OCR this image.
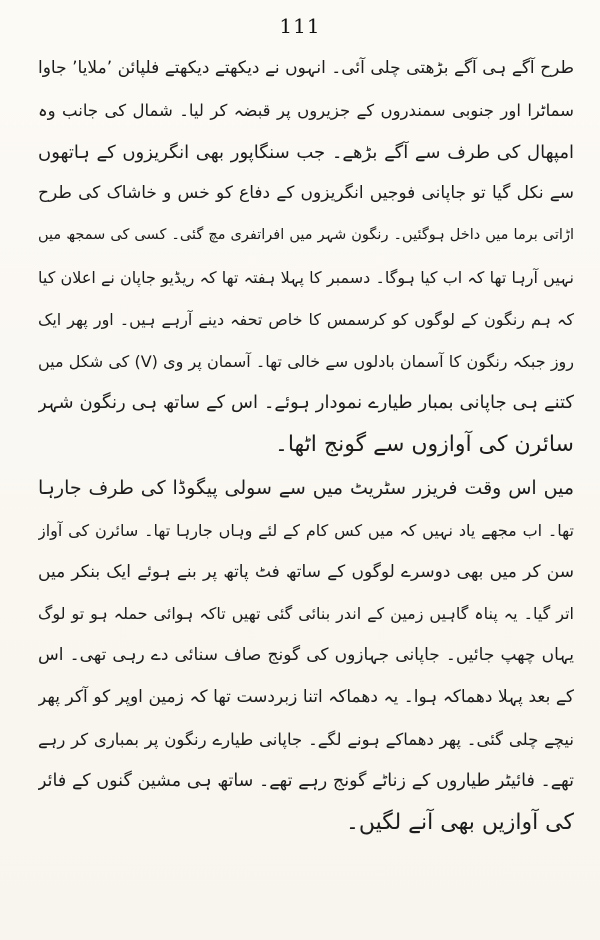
111
طرح آگے ہی آگے بڑھتی چلی آئی۔ انہوں نے دیکھتے دیکھتے فلپائن ٬ملایا٬ جاوا
سماٹرا اور جنوبی سمندروں کے جزیروں پر قبضہ کر لیا۔ شمال کی جانب وہ
امپھال کی طرف سے آگے بڑھے۔ جب سنگاپور بھی انگریزوں کے ہاتھوں
سے نکل گیا تو جاپانی فوجیں انگریزوں کے دفاع کو خس و خاشاک کی طرح
اڑاتی برما میں داخل ہوگئیں۔ رنگون شہر میں افراتفری مچ گئی۔ کسی کی سمجھ میں
نہیں آرہا تھا کہ اب کیا ہوگا۔ دسمبر کا پہلا ہفتہ تھا کہ ریڈیو جاپان نے اعلان کیا
کہ ہم رنگون کے لوگوں کو کرسمس کا خاص تحفہ دینے آرہے ہیں۔ اور پھر ایک
روز جبکہ رنگون کا آسمان بادلوں سے خالی تھا۔ آسمان پر وی (V) کی شکل میں
کتنے ہی جاپانی بمبار طیارے نمودار ہوئے۔ اس کے ساتھ ہی رنگون شہر
سائرن کی آوازوں سے گونج اٹھا۔
میں اس وقت فریزر سٹریٹ میں سے سولی پیگوڈا کی طرف جارہا
تھا۔ اب مجھے یاد نہیں کہ میں کس کام کے لئے وہاں جارہا تھا۔ سائرن کی آواز
سن کر میں بھی دوسرے لوگوں کے ساتھ فٹ پاتھ پر بنے ہوئے ایک بنکر میں
اتر گیا۔ یہ پناہ گاہیں زمین کے اندر بنائی گئی تھیں تاکہ ہوائی حملہ ہو تو لوگ
یہاں چھپ جائیں۔ جاپانی جہازوں کی گونج صاف سنائی دے رہی تھی۔ اس
کے بعد پہلا دھماکہ ہوا۔ یہ دھماکہ اتنا زبردست تھا کہ زمین اوپر کو آکر پھر
نیچے چلی گئی۔ پھر دھماکے ہونے لگے۔ جاپانی طیارے رنگون پر بمباری کر رہے
تھے۔ فائیٹر طیاروں کے زناٹے گونج رہے تھے۔ ساتھ ہی مشین گنوں کے فائر
کی آوازیں بھی آنے لگیں۔
